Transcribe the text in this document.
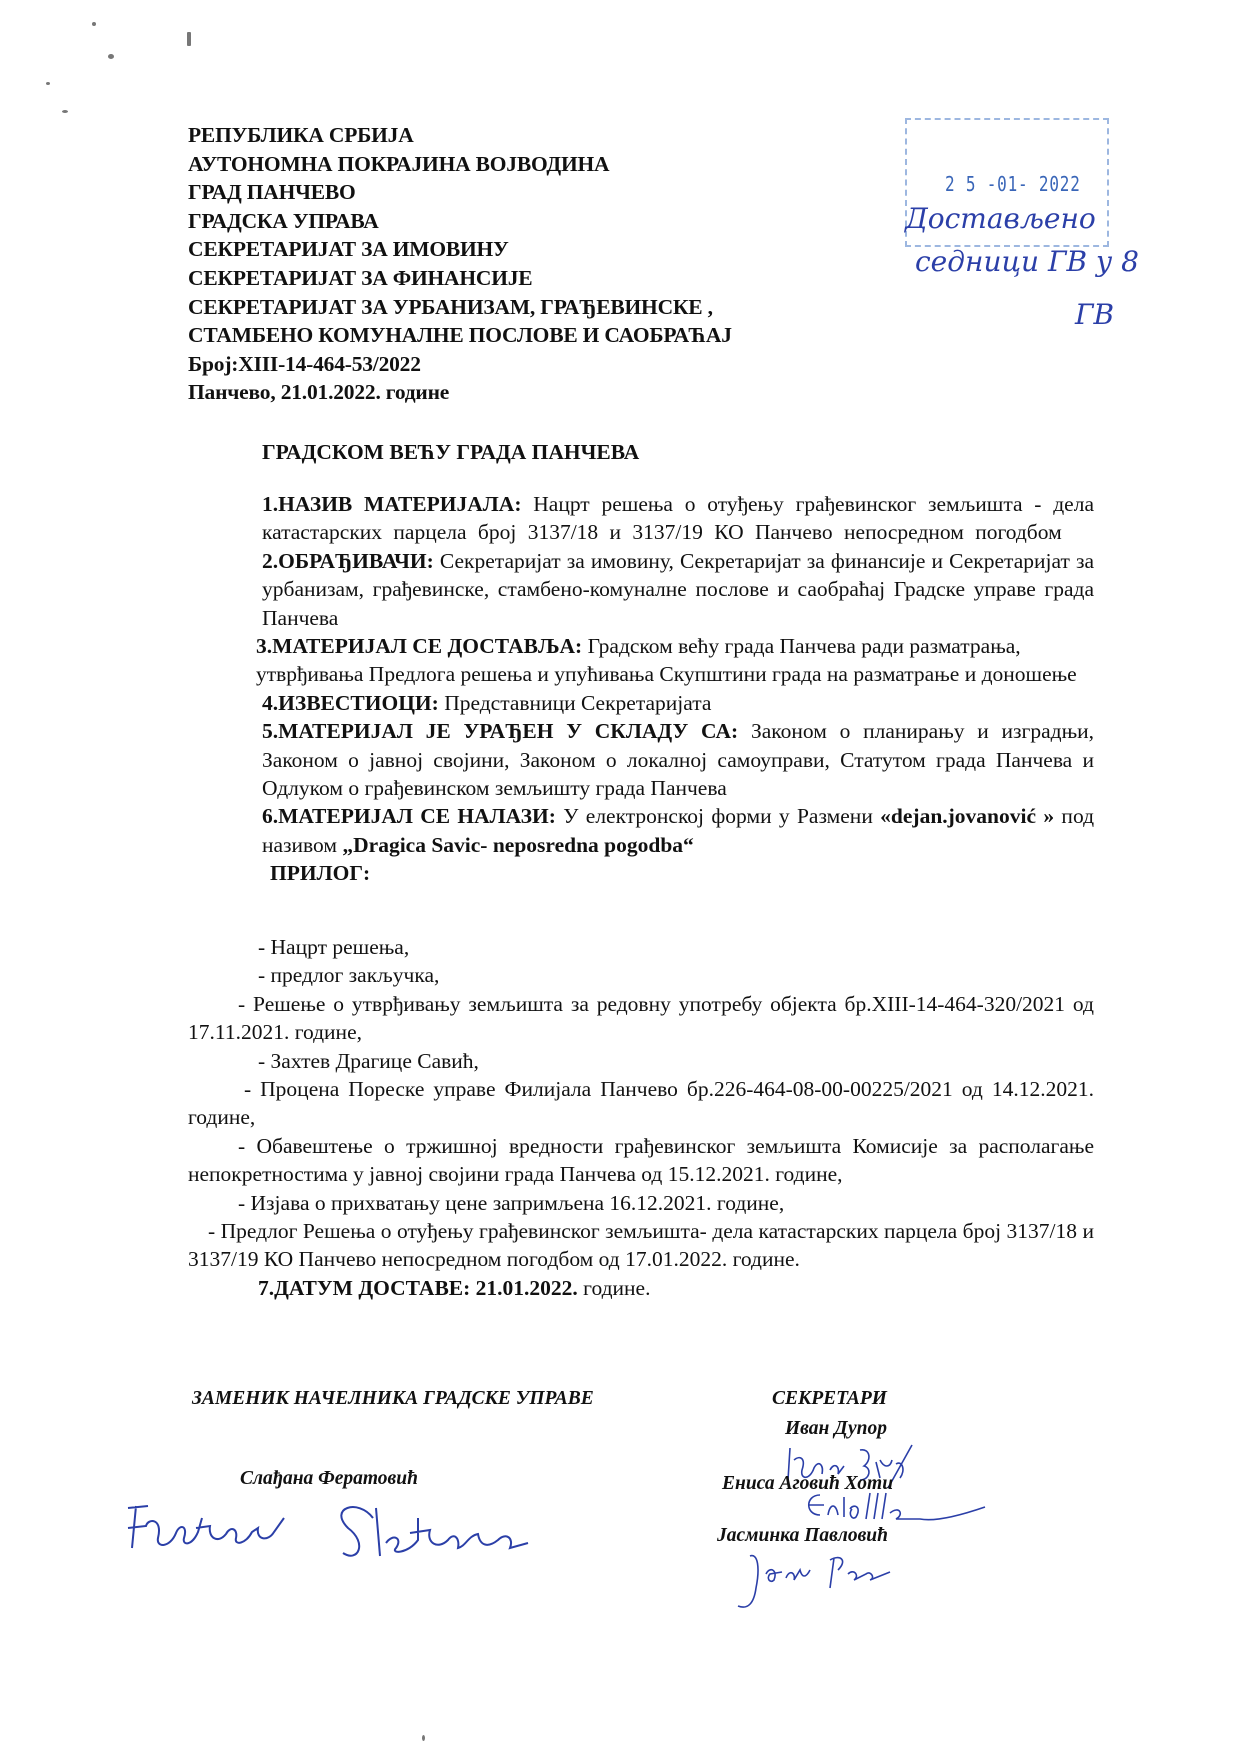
РЕПУБЛИКА СРБИЈА
АУТОНОМНА ПОКРАЈИНА ВОЈВОДИНА
ГРАД ПАНЧЕВО
ГРАДСКА УПРАВА
СЕКРЕТАРИЈАТ ЗА ИМОВИНУ
СЕКРЕТАРИЈАТ ЗА ФИНАНСИЈЕ
СЕКРЕТАРИЈАТ ЗА УРБАНИЗАМ, ГРАЂЕВИНСКЕ ,
СТАМБЕНО КОМУНАЛНЕ ПОСЛОВЕ И САОБРАЋАЈ
Број:XIII-14-464-53/2022
Панчево, 21.01.2022. године
2 5 -01- 2022
Достављено
седници ГВ у 8
ГВ
ГРАДСКОМ ВЕЋУ ГРАДА ПАНЧЕВА

1.НАЗИВ МАТЕРИЈАЛА: Нацрт решења о отуђењу грађевинског земљишта - дела катастарских парцела број 3137/18 и 3137/19 КО Панчево непосредном погодбом

2.ОБРАЂИВАЧИ: Секретаријат за имовину, Секретаријат за финансије и Секретаријат за урбанизам, грађевинске, стамбено-комуналне послове и саобраћај Градске управе града Панчева

3.МАТЕРИЈАЛ СЕ ДОСТАВЉА: Градском већу града Панчева ради разматрања, утврђивања Предлога решења и упућивања Скупштини града на разматрање и доношење

4.ИЗВЕСТИОЦИ: Представници Секретаријата

5.МАТЕРИЈАЛ ЈЕ УРАЂЕН У СКЛАДУ СА: Законом о планирању и изградњи, Законом о јавној својини, Законом о локалној самоуправи, Статутом града Панчева и Одлуком о грађевинском земљишту града Панчева

6.МАТЕРИЈАЛ СЕ НАЛАЗИ: У електронској форми у Размени «dejan.jovanović » под називом „Dragica Savic- neposredna pogodba“

ПРИЛОГ:

- Нацрт решења,

- предлог закључка,

- Решење о утврђивању земљишта за редовну употребу објекта бр.XIII-14-464-320/2021 од 17.11.2021. године,

- Захтев Драгице Савић,

- Процена Пореске управе Филијала Панчево бр.226-464-08-00-00225/2021 од 14.12.2021. године,

- Обавештење о тржишној вредности грађевинског земљишта Комисије за располагање непокретностима у јавној својини града Панчева од 15.12.2021. године,

- Изјава о прихватању цене запримљена 16.12.2021. године,

- Предлог Решења о отуђењу грађевинског земљишта- дела катастарских парцела број 3137/18 и 3137/19 КО Панчево непосредном погодбом од 17.01.2022. године.

7.ДАТУМ ДОСТАВЕ: 21.01.2022. године.

ЗАМЕНИК НАЧЕЛНИКА ГРАДСКЕ УПРАВЕ
Слађана Фератовић
СЕКРЕТАРИ
Иван Дупор
Ениса Аговић Хоти
Јасминка Павловић
